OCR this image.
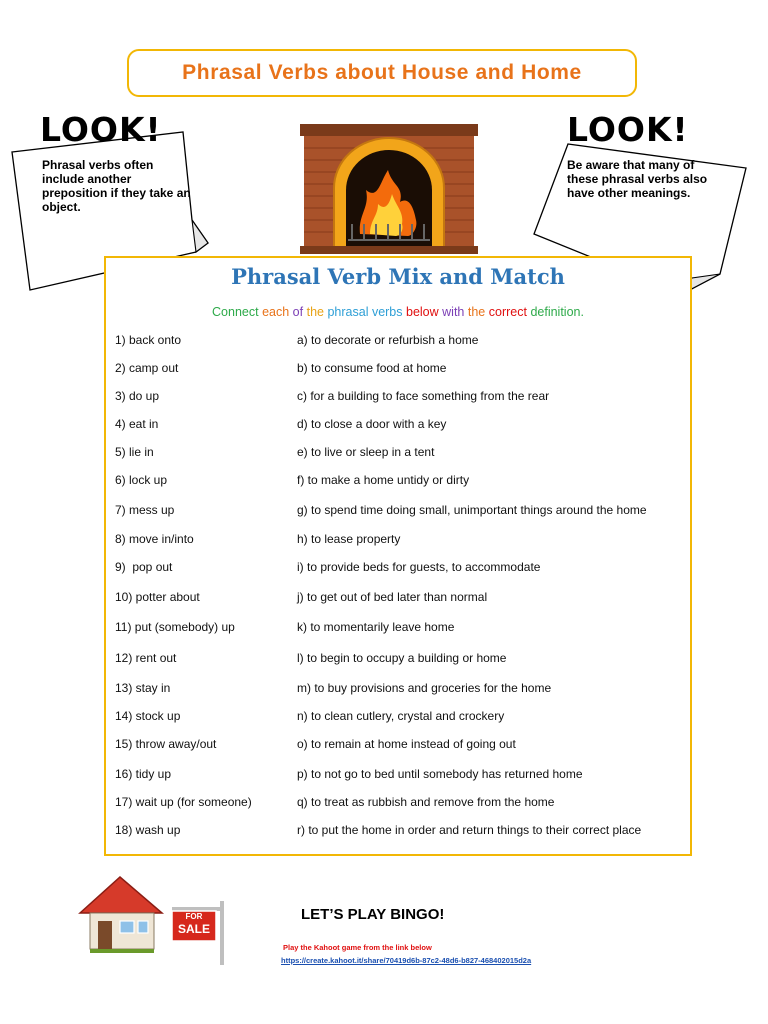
Phrasal Verbs about House and Home
LOOK!
Phrasal verbs often include another preposition if they take an object.
LOOK!
Be aware that many of these phrasal verbs also have other meanings.
Phrasal Verb Mix and Match
Connect each of the phrasal verbs below with the correct definition.
1) back onto	a) to decorate or refurbish a home
2) camp out	b) to consume food at home
3) do up	c) for a building to face something from the rear
4) eat in	d) to close a door with a key
5) lie in	e) to live or sleep in a tent
6) lock up	f) to make a home untidy or dirty
7) mess up	g) to spend time doing small, unimportant things around the home
8) move in/into	h) to lease property
9)  pop out	i) to provide beds for guests, to accommodate
10) potter about	j) to get out of bed later than normal
11) put (somebody) up	k) to momentarily leave home
12) rent out	l) to begin to occupy a building or home
13) stay in	m) to buy provisions and groceries for the home
14) stock up	n) to clean cutlery, crystal and crockery
15) throw away/out	o) to remain at home instead of going out
16) tidy up	p) to not go to bed until somebody has returned home
17) wait up (for someone)	q) to treat as rubbish and remove from the home
18) wash up	r) to put the home in order and return things to their correct place
FOR
SALE
LET’S PLAY BINGO!
Play the Kahoot game from the link below
https://create.kahoot.it/share/70419d6b-87c2-48d6-b827-468402015d2a
